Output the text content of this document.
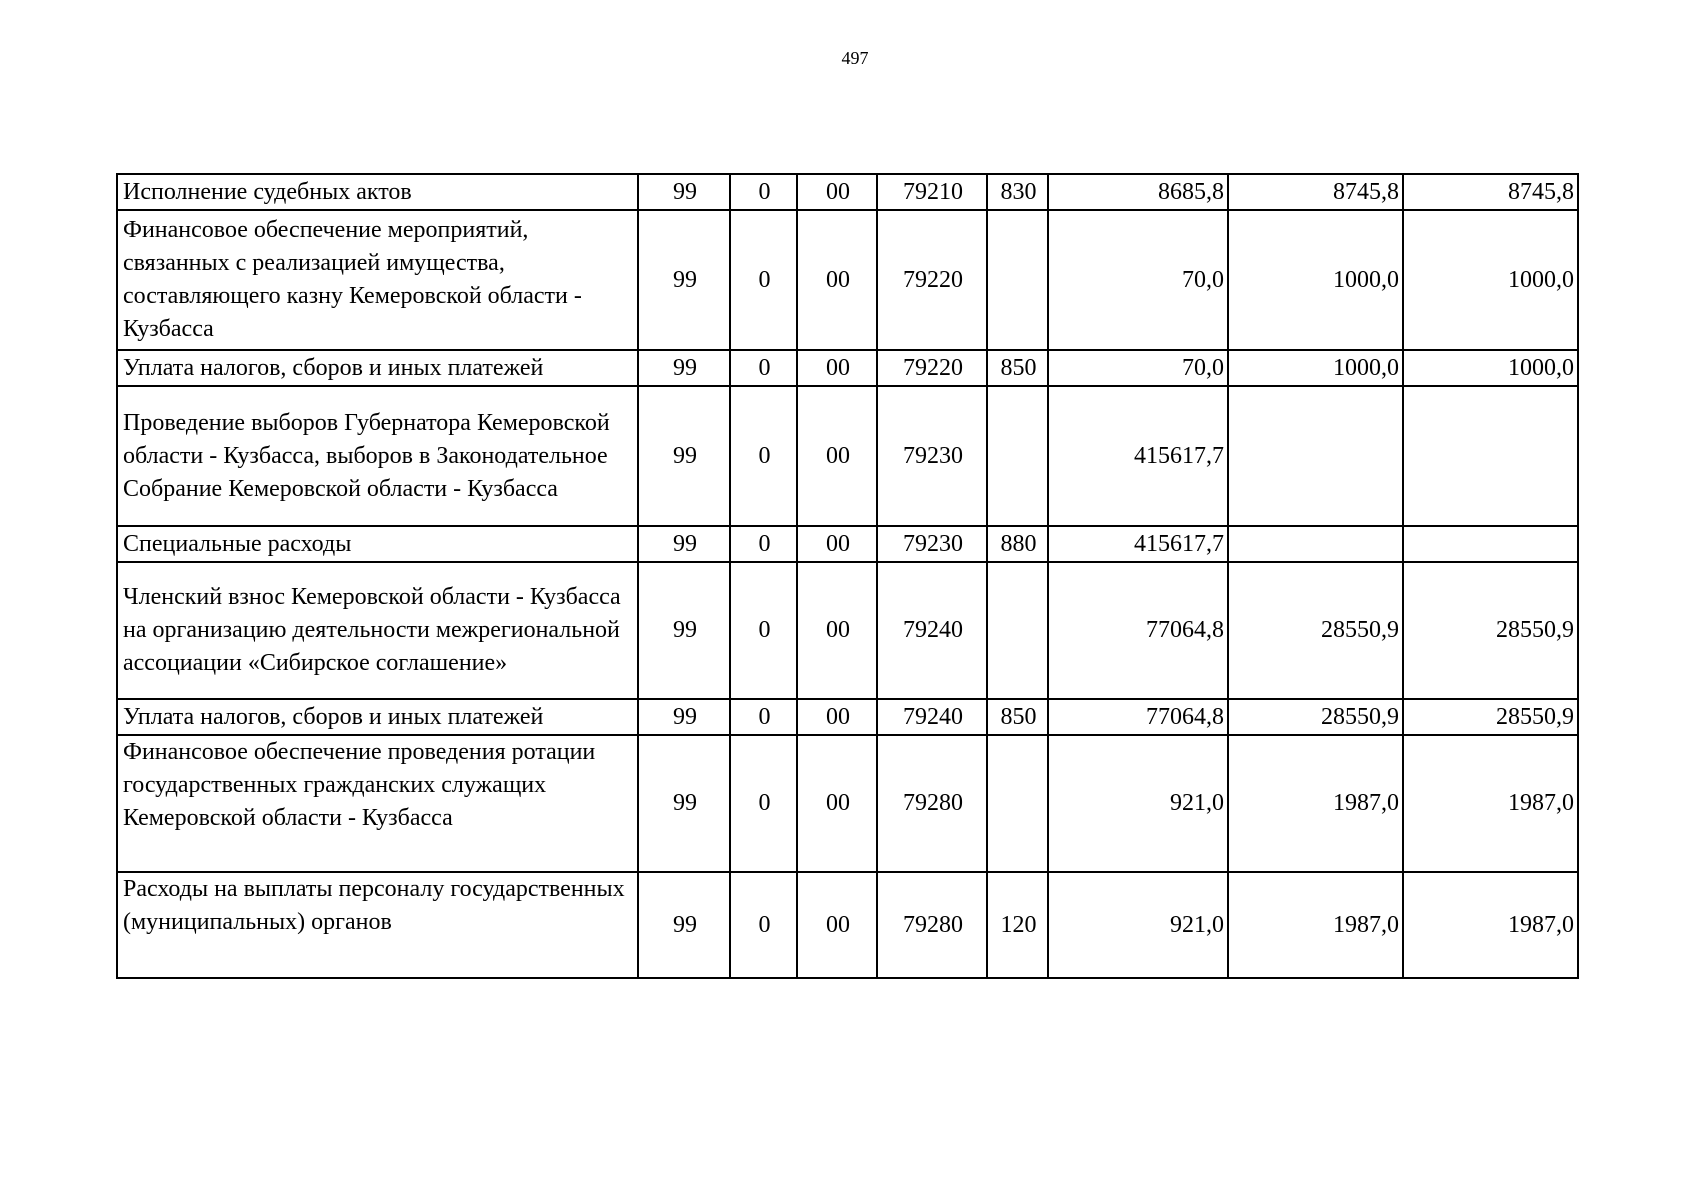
497
Исполнение судебных актов	99	0	00	79210	830	8685,8	8745,8	8745,8
Финансовое обеспечение мероприятий, связанных с реализацией имущества, составляющего казну Кемеровской области - Кузбасса	99	0	00	79220		70,0	1000,0	1000,0
Уплата налогов, сборов и иных платежей	99	0	00	79220	850	70,0	1000,0	1000,0
Проведение выборов Губернатора Кемеровской области - Кузбасса, выборов в Законодательное Собрание Кемеровской области - Кузбасса	99	0	00	79230		415617,7		
Специальные расходы	99	0	00	79230	880	415617,7		
Членский взнос Кемеровской области - Кузбасса на организацию деятельности межрегиональной ассоциации «Сибирское соглашение»	99	0	00	79240		77064,8	28550,9	28550,9
Уплата налогов, сборов и иных платежей	99	0	00	79240	850	77064,8	28550,9	28550,9
Финансовое обеспечение проведения ротации государственных гражданских служащих Кемеровской области - Кузбасса	99	0	00	79280		921,0	1987,0	1987,0
Расходы на выплаты персоналу государственных (муниципальных) органов	99	0	00	79280	120	921,0	1987,0	1987,0
